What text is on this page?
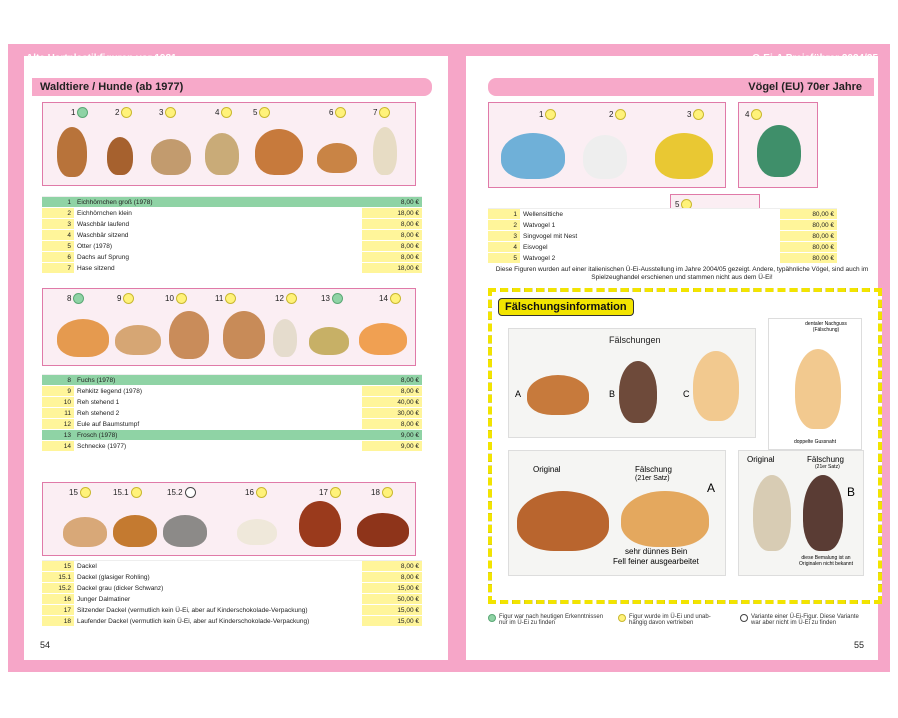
Waldtiere / Hunde (ab 1977)
1	2	3	4	5	6	7
1	Eichhörnchen groß (1978)	8,00 €
2	Eichhörnchen klein	18,00 €
3	Waschbär laufend	8,00 €
4	Waschbär sitzend	8,00 €
5	Otter (1978)	8,00 €
6	Dachs auf Sprung	8,00 €
7	Hase sitzend	18,00 €
8	9	10	11	12	13	14
8	Fuchs (1978)	8,00 €
9	Rehkitz liegend (1978)	8,00 €
10	Reh stehend 1	40,00 €
11	Reh stehend 2	30,00 €
12	Eule auf Baumstumpf	8,00 €
13	Frosch (1978)	9,00 €
14	Schnecke (1977)	9,00 €
15	15.1	15.2	16	17	18
15	Dackel	8,00 €
15.1	Dackel (glasiger Rohling)	8,00 €
15.2	Dackel grau (dicker Schwanz)	15,00 €
16	Junger Dalmatiner	50,00 €
17	Sitzender Dackel (vermutlich kein Ü-Ei, aber auf Kinderschokolade-Verpackung)	15,00 €
18	Laufender Dackel (vermutlich kein Ü-Ei, aber auf Kinderschokolade-Verpackung)	15,00 €
54
Vögel (EU) 70er Jahre
1	2	3	4
5
1	Wellensittiche		80,00 €
2	Watvogel 1		80,00 €
3	Singvogel mit Nest		80,00 €
4	Eisvogel		80,00 €
5	Watvogel 2		80,00 €
Diese Figuren wurden auf einer italienischen Ü-Ei-Ausstellung im Jahre 2004/05 gezeigt. Andere, typähnliche Vögel, sind auch im Spielzeughandel erschienen und stammen nicht aus dem Ü-Ei!
Fälschungsinformation
Fälschungen
A	B	C
dentaler Nachguss (Fälschung)
doppelte Gussnaht
Original	Fälschung
(21er Satz)
A
sehr dünnes Bein
Fell feiner ausgearbeitet
Original	Fälschung
(21er Satz)
B
diese Bemalung ist an Originalen nicht bekannt
Figur war nach heutigen Erkenntnissen
nur im Ü-Ei zu finden
Figur wurde im Ü-Ei und unab-
hängig davon vertrieben
Variante einer Ü-Ei-Figur. Diese Variante
war aber nicht im Ü-Ei zu finden
55
